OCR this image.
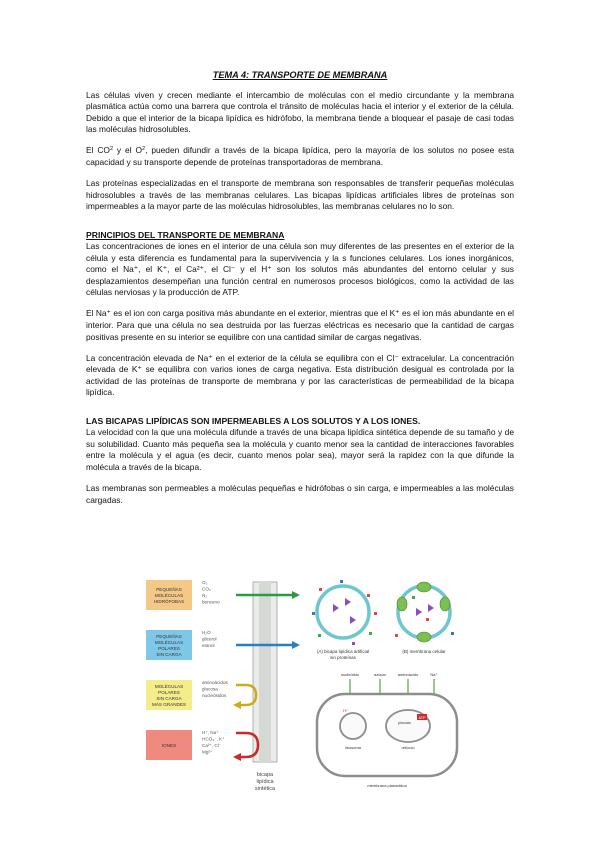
TEMA 4: TRANSPORTE DE MEMBRANA

Las células viven y crecen mediante el intercambio de moléculas con el medio circundante y la membrana plasmática actúa como una barrera que controla el tránsito de moléculas hacia el interior y el exterior de la célula. Debido a que el interior de la bicapa lipídica es hidrófobo, la membrana tiende a bloquear el pasaje de casi todas las moléculas hidrosolubles.

El $CO^2$ y el $O^2$, pueden difundir a través de la bicapa lipídica, pero la mayoría de los solutos no posee esta capacidad y su transporte depende de proteínas transportadoras de membrana.

Las proteínas especializadas en el transporte de membrana son responsables de transferir pequeñas moléculas hidrosolubles a través de las membranas celulares. Las bicapas lipídicas artificiales libres de proteínas son impermeables a la mayor parte de las moléculas hidrosolubles, las membranas celulares no lo son.

PRINCIPIOS DEL TRANSPORTE DE MEMBRANA

Las concentraciones de iones en el interior de una célula son muy diferentes de las presentes en el exterior de la célula y esta diferencia es fundamental para la supervivencia y la s funciones celulares. Los iones inorgánicos, como el Na⁺, el K⁺, el Ca²⁺, el Cl⁻ y el H⁺ son los solutos más abundantes del entorno celular y sus desplazamientos desempeñan una función central en numerosos procesos biológicos, como la actividad de las células nerviosas y la producción de ATP.

El Na⁺ es el ion con carga positiva más abundante en el exterior, mientras que el K⁺ es el ion más abundante en el interior. Para que una célula no sea destruida por las fuerzas eléctricas es necesario que la cantidad de cargas positivas presente en su interior se equilibre con una cantidad similar de cargas negativas.

La concentración elevada de Na⁺ en el exterior de la célula se equilibra con el Cl⁻ extracelular. La concentración elevada de K⁺ se equilibra con varios iones de carga negativa. Esta distribución desigual es controlada por la actividad de las proteínas de transporte de membrana y por las características de permeabilidad de la bicapa lipídica.

LAS BICAPAS LIPÍDICAS SON IMPERMEABLES A LOS SOLUTOS Y A LOS IONES.

La velocidad con la que una molécula difunde a través de una bicapa lipídica sintética depende de su tamaño y de su solubilidad. Cuanto más pequeña sea la molécula y cuanto menor sea la cantidad de interacciones favorables entre la molécula y el agua (es decir, cuanto menos polar sea), mayor será la rapidez con la que difunde la molécula a través de la bicapa.

Las membranas son permeables a moléculas pequeñas e hidrófobas o sin carga, e impermeables a las moléculas cargadas.

PEQUEÑAS
MOLÉCULAS
HIDRÓFOBAS
O₂
CO₂
N₂
benceno
PEQUEÑAS
MOLÉCULAS
POLARES
SIN CARGA
H₂O
glicerol
etanol
MOLÉCULAS
POLARES
SIN CARGA
MÁS GRANDES
aminoácidos
glucosa
nucleósidos
IONES
H⁺, Na⁺
HCO₃⁻, K⁺
Ca²⁺, Cl⁻
Mg²⁺
bicapa
lipídica
sintética
(A) bicapa lipídica artificial
sin proteínas
(B) membrana celular
nucleótido	azúcar	aminoácido	Na⁺
H⁺
lisosoma
ATP
piruvato
retículo
membrana plasmática
